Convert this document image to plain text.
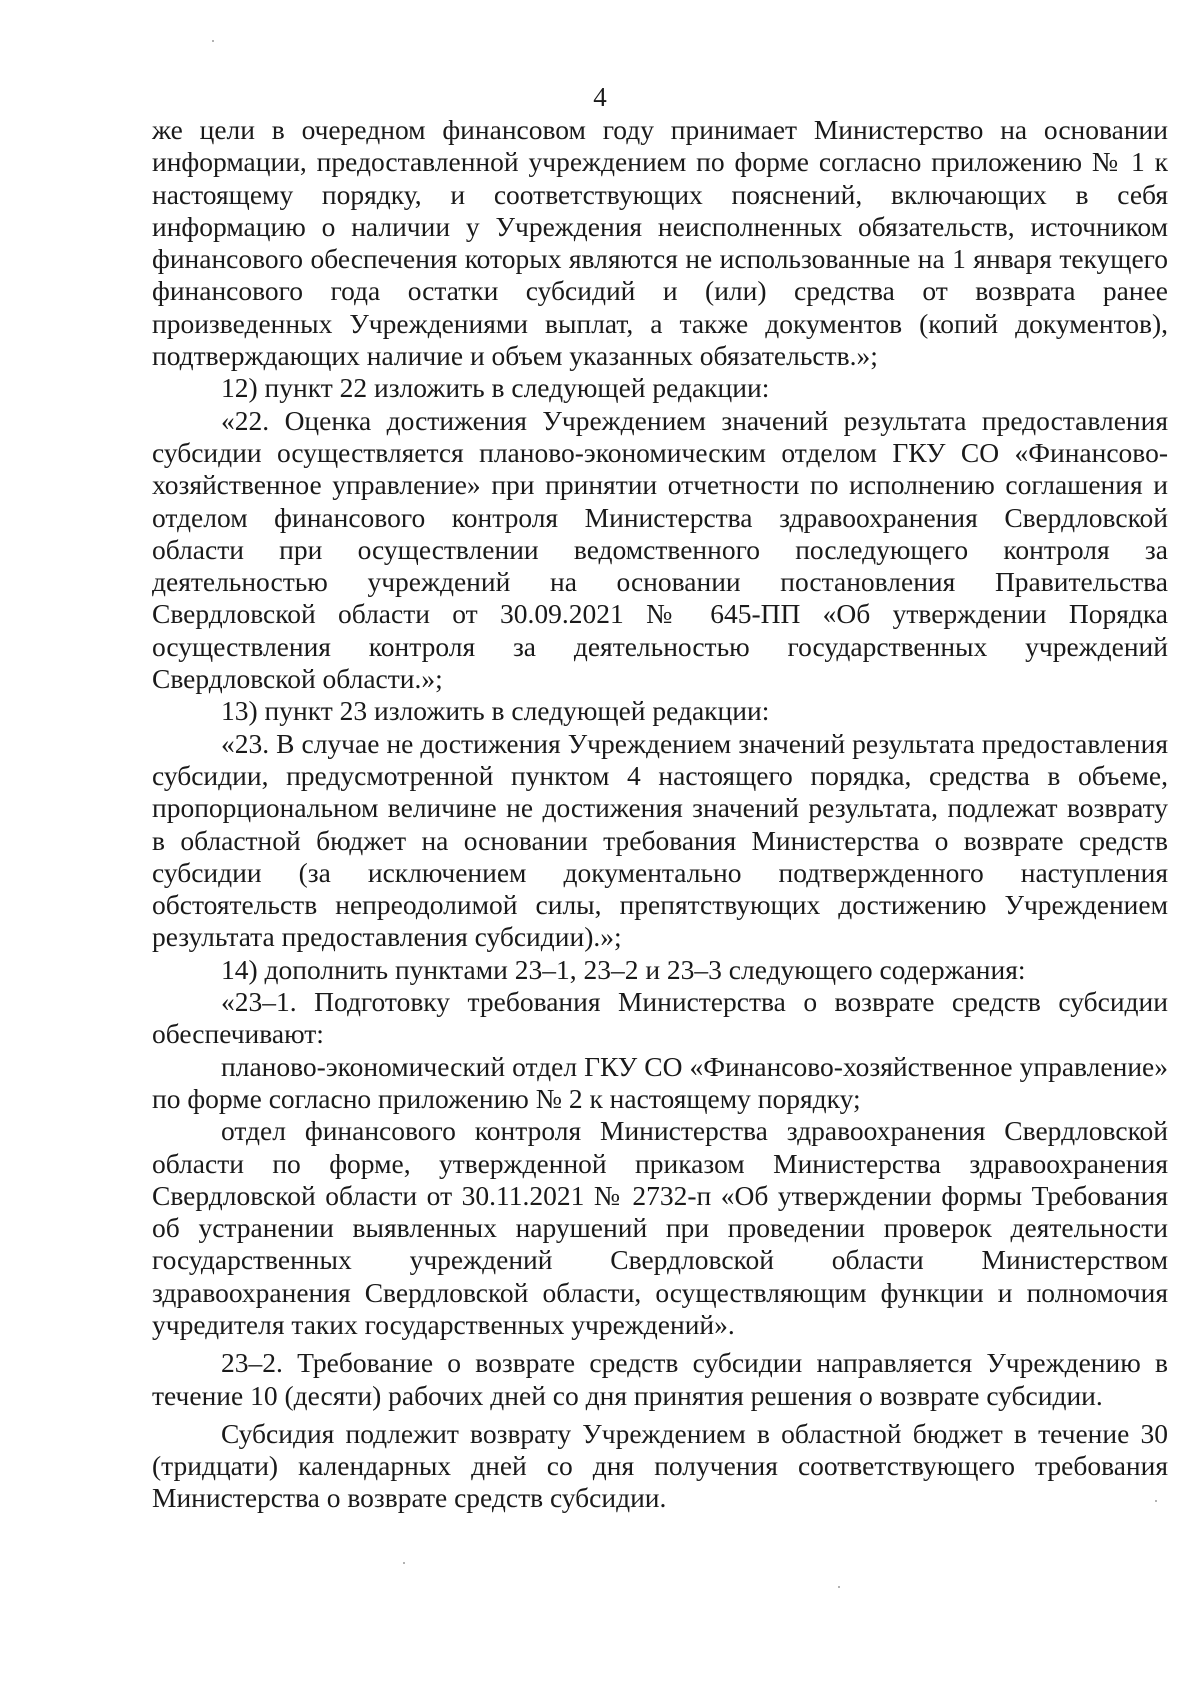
4

же цели в очередном финансовом году принимает Министерство на основании информации, предоставленной учреждением по форме согласно приложению № 1 к настоящему порядку, и соответствующих пояснений, включающих в себя информацию о наличии у Учреждения неисполненных обязательств, источником финансового обеспечения которых являются не использованные на 1 января текущего финансового года остатки субсидий и (или) средства от возврата ранее произведенных Учреждениями выплат, а также документов (копий документов), подтверждающих наличие и объем указанных обязательств.»;

12) пункт 22 изложить в следующей редакции:

«22. Оценка достижения Учреждением значений результата предоставления субсидии осуществляется планово-экономическим отделом ГКУ СО «Финансово-хозяйственное управление» при принятии отчетности по исполнению соглашения и отделом финансового контроля Министерства здравоохранения Свердловской области при осуществлении ведомственного последующего контроля за деятельностью учреждений на основании постановления Правительства Свердловской области от 30.09.2021 № 645-ПП «Об утверждении Порядка осуществления контроля за деятельностью государственных учреждений Свердловской области.»;

13) пункт 23 изложить в следующей редакции:

«23. В случае не достижения Учреждением значений результата предоставления субсидии, предусмотренной пунктом 4 настоящего порядка, средства в объеме, пропорциональном величине не достижения значений результата, подлежат возврату в областной бюджет на основании требования Министерства о возврате средств субсидии (за исключением документально подтвержденного наступления обстоятельств непреодолимой силы, препятствующих достижению Учреждением результата предоставления субсидии).»;

14) дополнить пунктами 23–1, 23–2 и 23–3 следующего содержания:

«23–1. Подготовку требования Министерства о возврате средств субсидии обеспечивают:

планово-экономический отдел ГКУ СО «Финансово-хозяйственное управление» по форме согласно приложению № 2 к настоящему порядку;

отдел финансового контроля Министерства здравоохранения Свердловской области по форме, утвержденной приказом Министерства здравоохранения Свердловской области от 30.11.2021 № 2732-п «Об утверждении формы Требования об устранении выявленных нарушений при проведении проверок деятельности государственных учреждений Свердловской области Министерством здравоохранения Свердловской области, осуществляющим функции и полномочия учредителя таких государственных учреждений».

23–2. Требование о возврате средств субсидии направляется Учреждению в течение 10 (десяти) рабочих дней со дня принятия решения о возврате субсидии.

Субсидия подлежит возврату Учреждением в областной бюджет в течение 30 (тридцати) календарных дней со дня получения соответствующего требования Министерства о возврате средств субсидии.
